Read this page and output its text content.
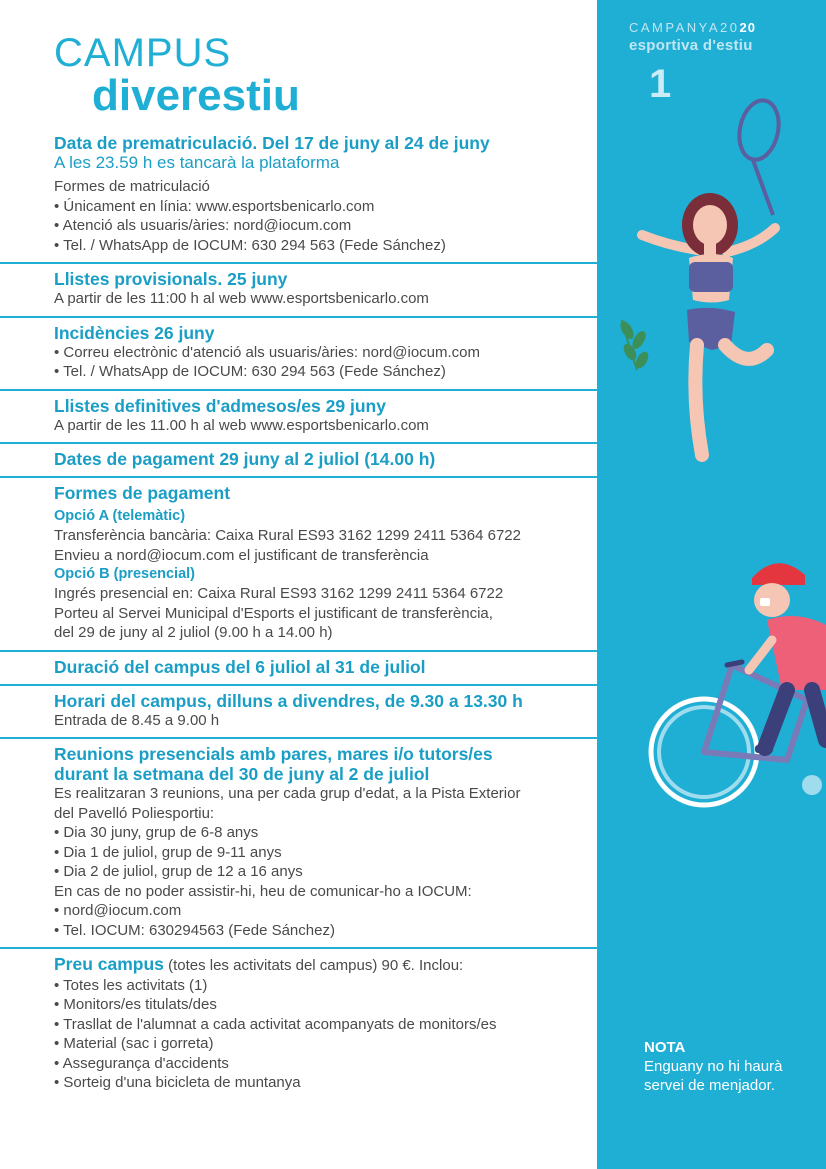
CAMPUS
diverestiu
Data de prematriculació. Del 17 de juny al 24 de juny
A les 23.59 h es tancarà la plataforma
Formes de matriculació
• Únicament en línia: www.esportsbenicarlo.com
• Atenció als usuaris/àries: nord@iocum.com
• Tel. / WhatsApp de IOCUM: 630 294 563 (Fede Sánchez)
Llistes provisionals. 25 juny
A partir de les 11:00 h al web www.esportsbenicarlo.com
Incidències 26 juny
• Correu electrònic d'atenció als usuaris/àries: nord@iocum.com
• Tel. / WhatsApp de IOCUM: 630 294 563 (Fede Sánchez)
Llistes definitives d'admesos/es 29 juny
A partir de les 11.00 h al web www.esportsbenicarlo.com
Dates de pagament 29 juny al 2 juliol (14.00 h)
Formes de pagament
Opció A (telemàtic)
Transferència bancària: Caixa Rural ES93 3162 1299 2411 5364 6722
Envieu a nord@iocum.com el justificant de transferència
Opció B (presencial)
Ingrés presencial en: Caixa Rural ES93 3162 1299 2411 5364 6722
Porteu al Servei Municipal d'Esports el justificant de transferència,
del 29 de juny al 2 juliol (9.00 h a 14.00 h)
Duració del campus del 6 juliol al 31 de juliol
Horari del campus, dilluns a divendres, de 9.30 a 13.30 h
Entrada de 8.45 a 9.00 h
Reunions presencials amb pares, mares i/o tutors/es
durant la setmana del 30 de juny al 2 de juliol
Es realitzaran 3 reunions, una per cada grup d'edat, a la Pista Exterior
del Pavelló Poliesportiu:
• Dia 30 juny, grup de 6-8 anys
• Dia 1 de juliol, grup de 9-11 anys
• Dia 2 de juliol, grup de 12 a 16 anys
En cas de no poder assistir-hi, heu de comunicar-ho a IOCUM:
• nord@iocum.com
• Tel. IOCUM: 630294563 (Fede Sánchez)
Preu campus (totes les activitats del campus) 90 €. Inclou:
• Totes les activitats (1)
• Monitors/es titulats/des
• Trasllat de l'alumnat a cada activitat acompanyats de monitors/es
• Material (sac i gorreta)
• Assegurança d'accidents
• Sorteig d'una bicicleta de muntanya
CAMPANYA2020
esportiva d'estiu
1
NOTA
Enguany no hi haurà servei de menjador.
